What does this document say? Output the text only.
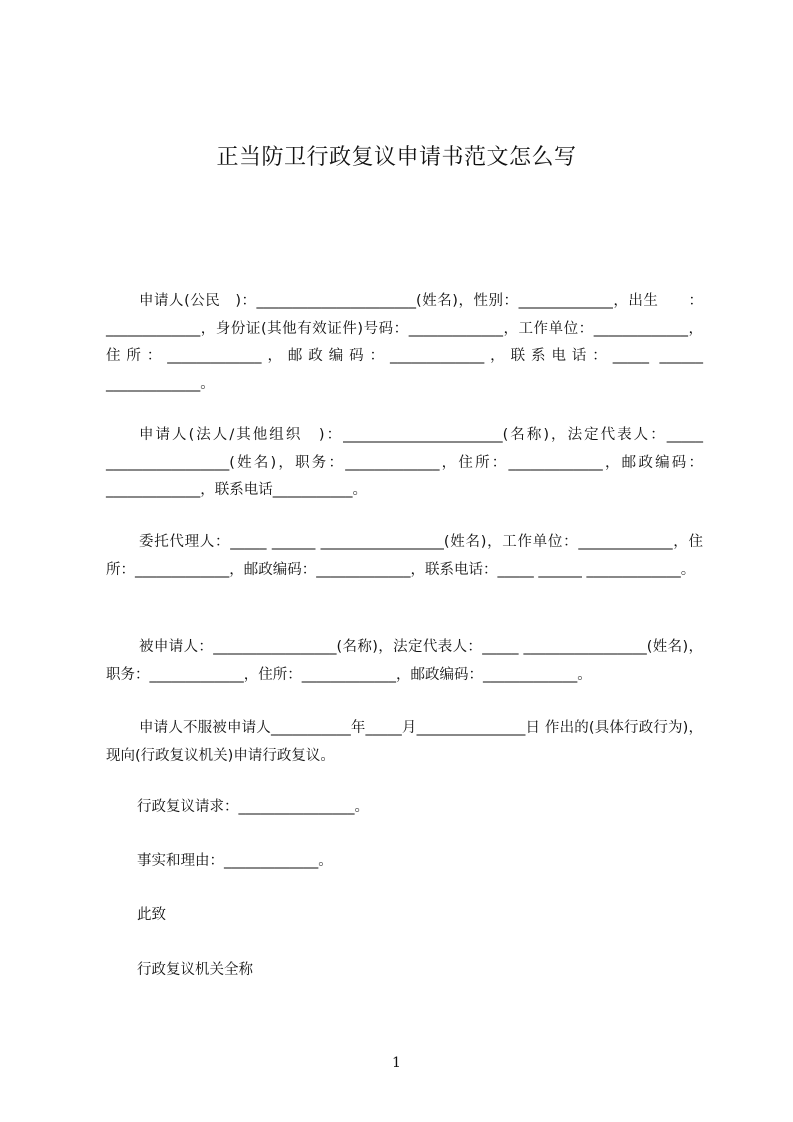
正当防卫行政复议申请书范文怎么写

申请人(公民　)：______________________(姓名)，性别：_____________，出生　　：_____________，身份证(其他有效证件)号码：_____________，工作单位：_____________，住所：_____________，邮政编码：_____________，联系电话：_____ ______ _____________。

申请人(法人/其他组织　)：______________________(名称)，法定代表人：_____ _________________(姓名)，职务：_____________，住所：_____________，邮政编码：_____________，联系电话___________。

委托代理人：_____ ______ _________________(姓名)，工作单位：_____________，住所：_____________，邮政编码：_____________，联系电话：_____ ______ _____________。

被申请人：_________________(名称)，法定代表人：_____ _________________(姓名)，职务：_____________，住所：_____________，邮政编码：_____________。

申请人不服被申请人___________年_____月_______________日 作出的(具体行政行为)，现向(行政复议机关)申请行政复议。

行政复议请求：________________。

事实和理由：_____________。

此致

行政复议机关全称

1
